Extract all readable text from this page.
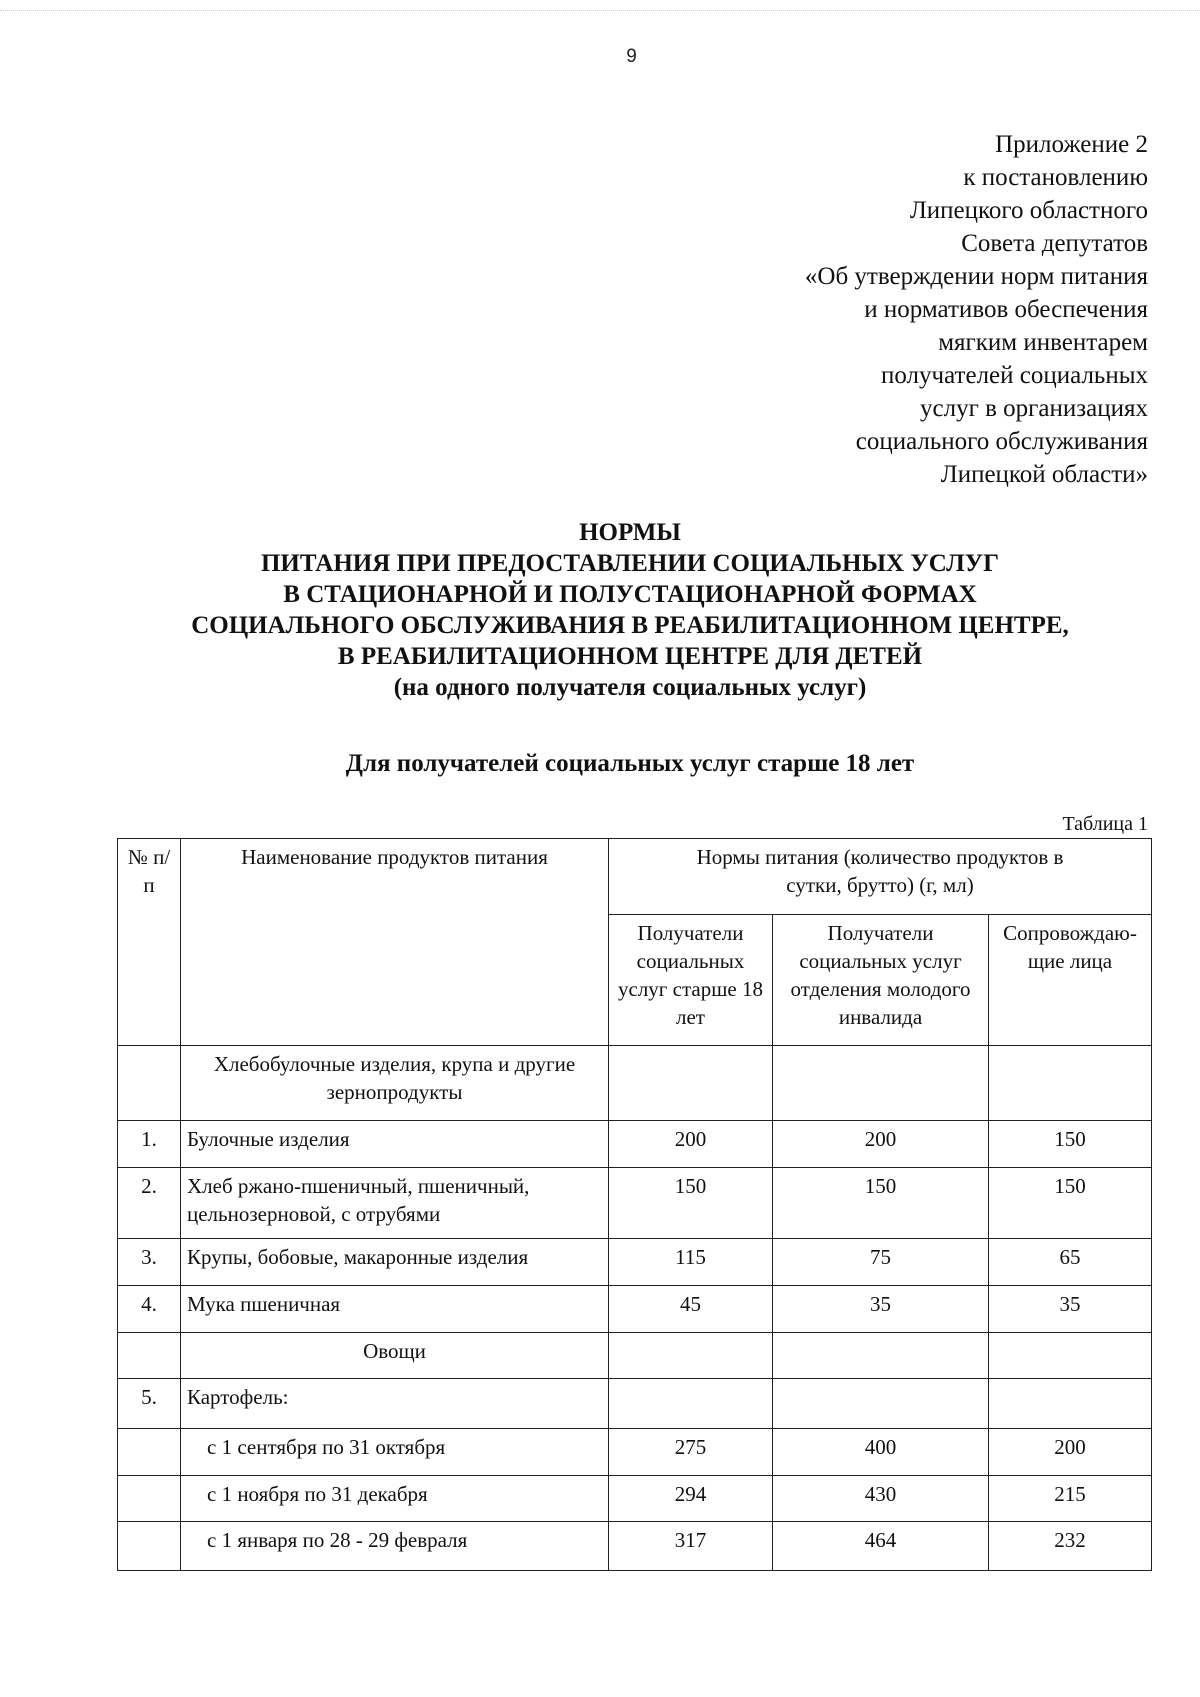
9
Приложение 2
к постановлению
Липецкого областного
Совета депутатов
«Об утверждении норм питания
и нормативов обеспечения
мягким инвентарем
получателей социальных
услуг в организациях
социального обслуживания
Липецкой области»
НОРМЫ
ПИТАНИЯ ПРИ ПРЕДОСТАВЛЕНИИ СОЦИАЛЬНЫХ УСЛУГ
В СТАЦИОНАРНОЙ И ПОЛУСТАЦИОНАРНОЙ ФОРМАХ
СОЦИАЛЬНОГО ОБСЛУЖИВАНИЯ В РЕАБИЛИТАЦИОННОМ ЦЕНТРЕ,
В РЕАБИЛИТАЦИОННОМ ЦЕНТРЕ ДЛЯ ДЕТЕЙ
(на одного получателя социальных услуг)
Для получателей социальных услуг старше 18 лет
Таблица 1
№ п/п	Наименование продуктов питания	Нормы питания (количество продуктов в сутки, брутто) (г, мл)		
		Получатели социальных услуг старше 18 лет	Получатели социальных услуг отделения молодого инвалида	Сопровождаю-щие лица
	Хлебобулочные изделия, крупа и другие зернопродукты			
1.	Булочные изделия	200	200	150
2.	Хлеб ржано-пшеничный, пшеничный, цельнозерновой, с отрубями	150	150	150
3.	Крупы, бобовые, макаронные изделия	115	75	65
4.	Мука пшеничная	45	35	35
	Овощи			
5.	Картофель:			
	с 1 сентября по 31 октября	275	400	200
	с 1 ноября по 31 декабря	294	430	215
	с 1 января по 28 - 29 февраля	317	464	232
